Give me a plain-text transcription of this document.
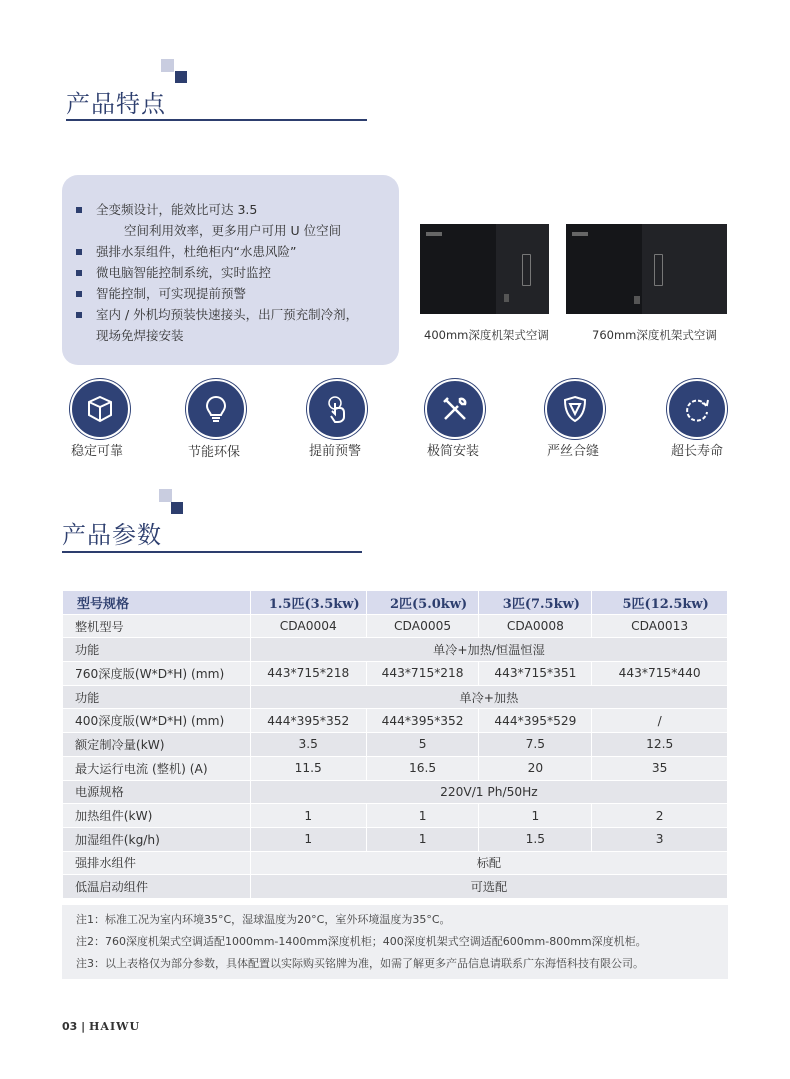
产品特点
全变频设计，能效比可达 3.5
空间利用效率，更多用户可用 U 位空间
强排水泵组件，杜绝柜内“水患风险”
微电脑智能控制系统，实时监控
智能控制，可实现提前预警
室内 / 外机均预装快速接头，出厂预充制冷剂，
现场免焊接安装	400mm深度机架式空调	760mm深度机架式空调
稳定可靠	节能环保	提前预警	极简安装	严丝合缝	超长寿命
产品参数
型号规格	1.5匹(3.5kw)	2匹(5.0kw)	3匹(7.5kw)	5匹(12.5kw)
整机型号	CDA0004	CDA0005	CDA0008	CDA0013
功能	单冷+加热/恒温恒湿			
760深度版(W*D*H) (mm)	443*715*218	443*715*218	443*715*351	443*715*440
功能	单冷+加热			
400深度版(W*D*H) (mm)	444*395*352	444*395*352	444*395*529	/
额定制冷量(kW)	3.5	5	7.5	12.5
最大运行电流 (整机) (A)	11.5	16.5	20	35
电源规格	220V/1 Ph/50Hz			
加热组件(kW)	1	1	1	2
加湿组件(kg/h)	1	1	1.5	3
强排水组件	标配			
低温启动组件	可选配			
注1：标准工况为室内环境35°C，湿球温度为20°C，室外环境温度为35°C。
注2：760深度机架式空调适配1000mm-1400mm深度机柜；400深度机架式空调适配600mm-800mm深度机柜。
注3：以上表格仅为部分参数，具体配置以实际购买铭牌为准，如需了解更多产品信息请联系广东海悟科技有限公司。
03 | HAIWU
